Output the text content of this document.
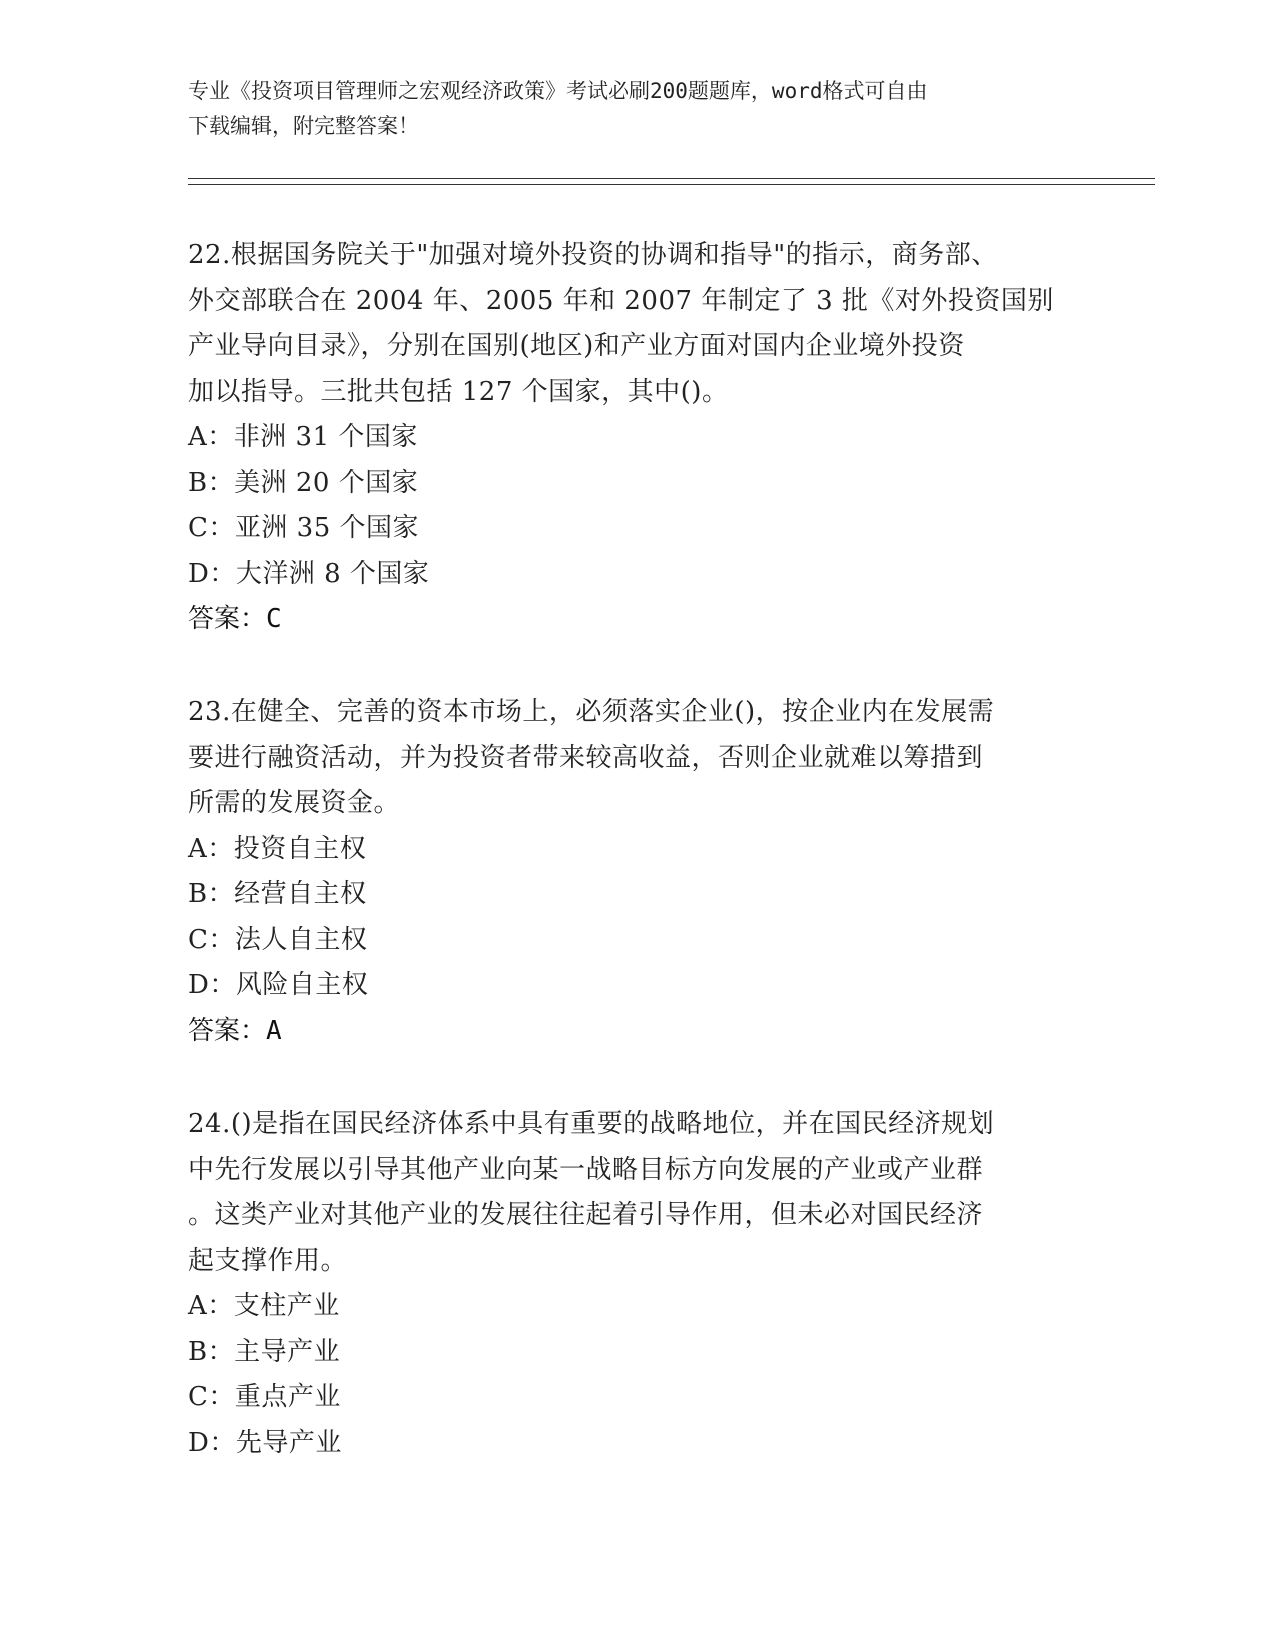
专业《投资项目管理师之宏观经济政策》考试必刷200题题库，word格式可自由
下载编辑，附完整答案！

22.根据国务院关于"加强对境外投资的协调和指导"的指示，商务部、

外交部联合在 2004 年、2005 年和 2007 年制定了 3 批《对外投资国别

产业导向目录》，分别在国别(地区)和产业方面对国内企业境外投资

加以指导。三批共包括 127 个国家，其中()。

A：非洲 31 个国家

B：美洲 20 个国家

C：亚洲 35 个国家

D：大洋洲 8 个国家

答案：C

23.在健全、完善的资本市场上，必须落实企业()，按企业内在发展需

要进行融资活动，并为投资者带来较高收益，否则企业就难以筹措到

所需的发展资金。

A：投资自主权

B：经营自主权

C：法人自主权

D：风险自主权

答案：A

24.()是指在国民经济体系中具有重要的战略地位，并在国民经济规划

中先行发展以引导其他产业向某一战略目标方向发展的产业或产业群

。这类产业对其他产业的发展往往起着引导作用，但未必对国民经济

起支撑作用。

A：支柱产业

B：主导产业

C：重点产业

D：先导产业
